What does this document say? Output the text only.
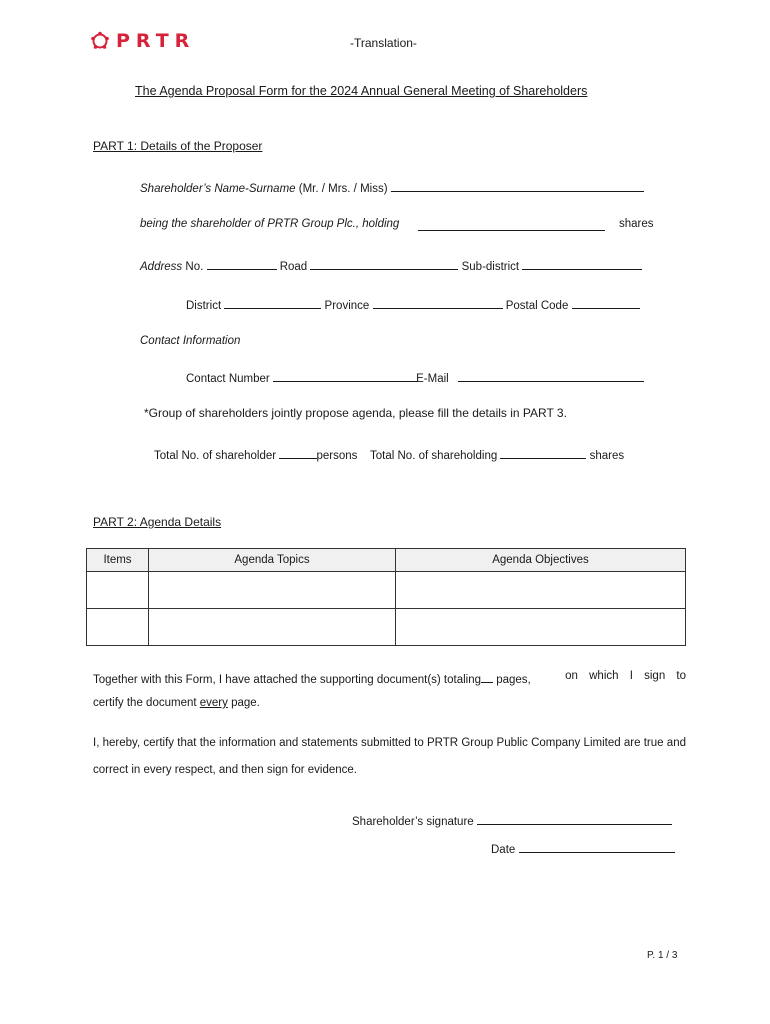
PRTR	-Translation-
The Agenda Proposal Form for the 2024 Annual General Meeting of Shareholders
PART 1: Details of the Proposer
Shareholder’s Name-Surname (Mr. / Mrs. / Miss)
being the shareholder of PRTR Group Plc., holding	shares
Address No.	Road	Sub-district
District	Province	Postal Code
Contact Information
Contact Number	E-Mail
*Group of shareholders jointly propose agenda, please fill the details in PART 3.
Total No. of shareholder	persons Total No. of shareholding	shares
PART 2: Agenda Details
Items	Agenda Topics	Agenda Objectives

Together with this Form, I have attached the supporting document(s) totaling pages,	on which I sign to
certify the document every page.
I, hereby, certify that the information and statements submitted to PRTR Group Public Company Limited are true and correct in every respect, and then sign for evidence.
Shareholder’s signature
Date
P. 1 / 3
